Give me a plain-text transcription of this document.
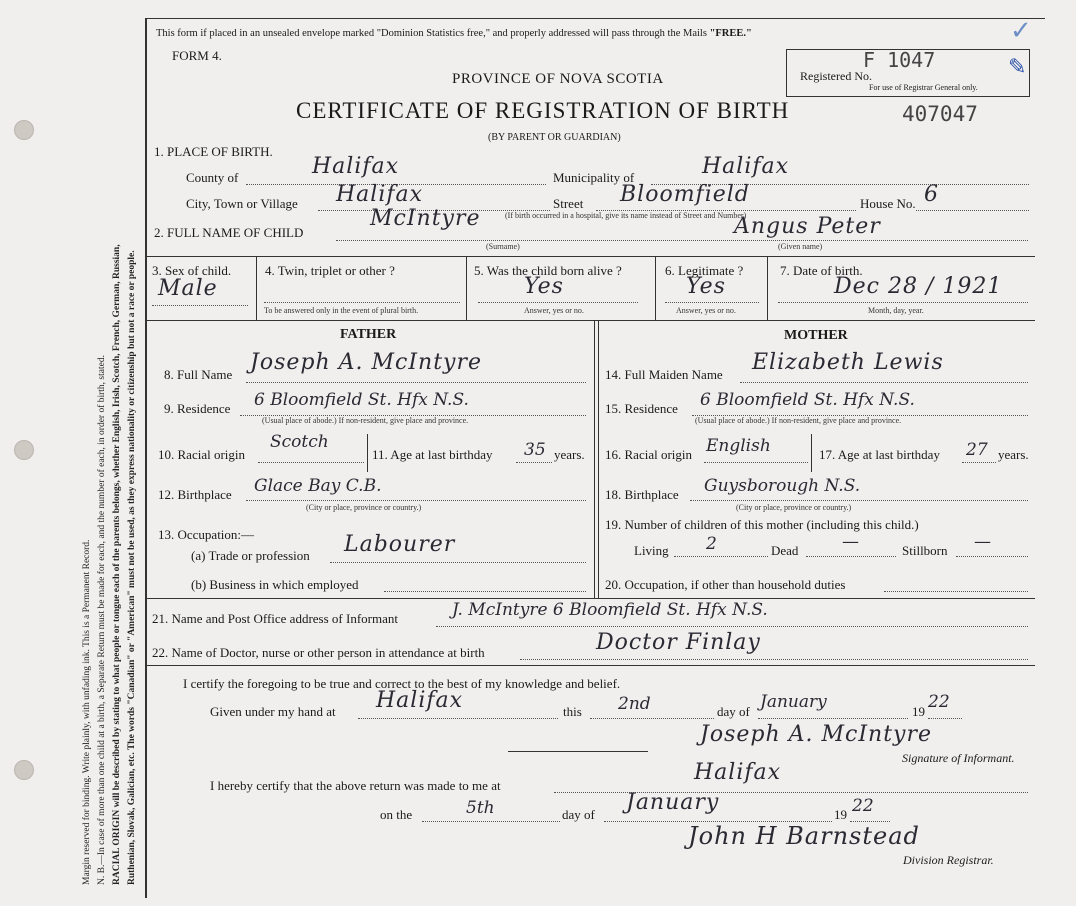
Margin reserved for binding. Write plainly, with unfading ink. This is a Permanent Record. N. B.—In case of more than one child at a birth, a Separate Return must be made for each, and the number of each, in order of birth, stated. RACIAL ORIGIN will be described by stating to what people or tongue each of the parents belongs, whether English, Irish, Scotch, French, German, Russian, Ruthenian, Slovak, Galician, etc. The words "Canadian" or "American" must not be used, as they express nationality or citizenship but not a race or people.
This form if placed in an unsealed envelope marked "Dominion Statistics free," and properly addressed will pass through the Mails "FREE."
FORM 4.
PROVINCE OF NOVA SCOTIA
CERTIFICATE OF REGISTRATION OF BIRTH	407047
(BY PARENT OR GUARDIAN)
Registered No.
F 1047
For use of Registrar General only.
✓
✎
1. PLACE OF BIRTH.
County of	Halifax	Municipality of	Halifax
City, Town or Village Halifax	Street Bloomfield	House No. 6
(If birth occurred in a hospital, give its name instead of Street and Number)
2. FULL NAME OF CHILD
McIntyre
(Surname)
Angus Peter
(Given name)
3. Sex of child.
Male
4. Twin, triplet or other ?
To be answered only in the event of plural birth.
5. Was the child born alive ?
Yes
Answer, yes or no.
6. Legitimate ?
Yes
Answer, yes or no.
7. Date of birth.
Dec 28 / 1921
Month, day, year.
FATHER	MOTHER
8. Full Name Joseph A. McIntyre
9. Residence 6 Bloomfield St. Hfx N.S.
(Usual place of abode.) If non-resident, give place and province.
10. Racial origin
Scotch
11. Age at last birthday 35 years.
12. Birthplace Glace Bay C.B.
(City or place, province or country.)
13. Occupation:—
(a) Trade or profession Labourer
(b) Business in which employed
14. Full Maiden Name Elizabeth Lewis
15. Residence 6 Bloomfield St. Hfx N.S.
(Usual place of abode.) If non-resident, give place and province.
16. Racial origin English	17. Age at last birthday 27 years.
18. Birthplace Guysborough N.S.
(City or place, province or country.)
19. Number of children of this mother (including this child.)
Living 2	Dead	—	Stillborn —
20. Occupation, if other than household duties
21. Name and Post Office address of Informant	J. McIntyre 6 Bloomfield St. Hfx N.S.
22. Name of Doctor, nurse or other person in attendance at birth	Doctor Finlay
I certify the foregoing to be true and correct to the best of my knowledge and belief.
Given under my hand at Halifax	this 2nd	day of January	19 22
Joseph A. McIntyre
Signature of Informant.
I hereby certify that the above return was made to me at
Halifax
on the	5th	day of January	19 22
John H Barnstead
Division Registrar.
